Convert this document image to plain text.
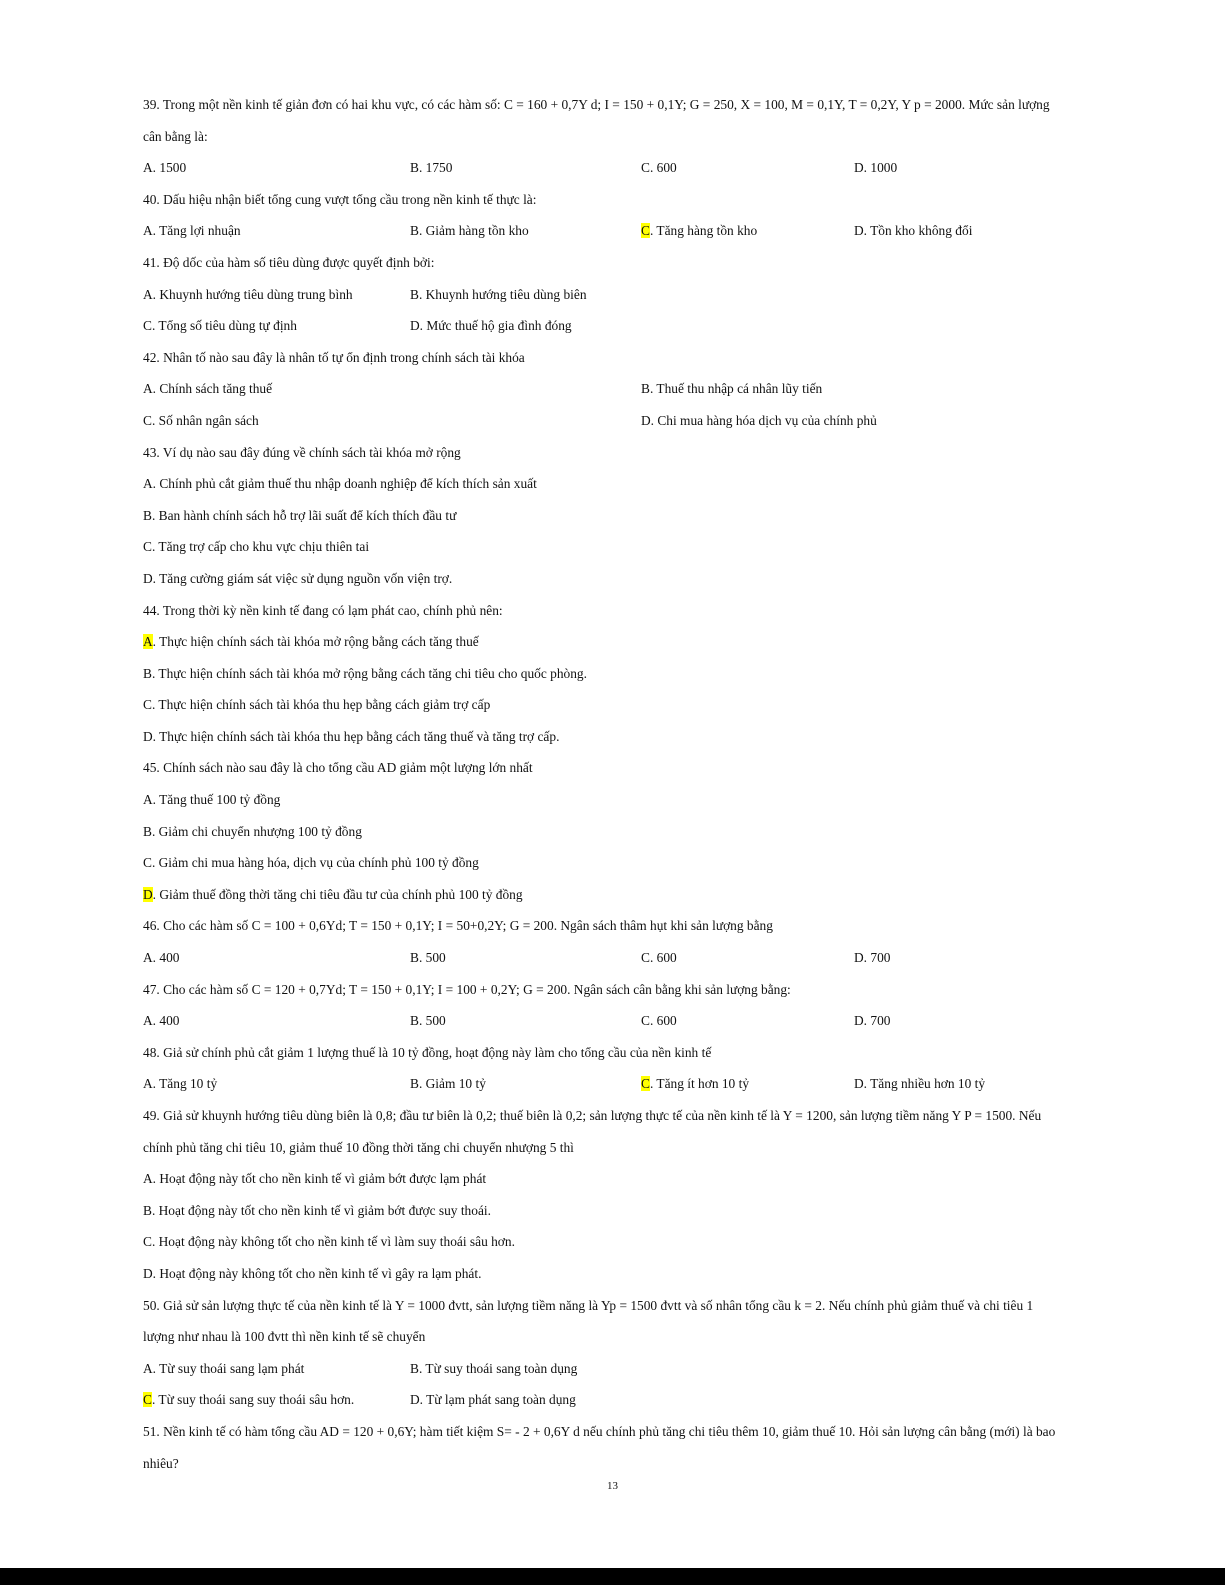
39. Trong một nền kinh tế giản đơn có hai khu vực, có các hàm số: C = 160 + 0,7Y d; I = 150 + 0,1Y; G = 250, X = 100, M = 0,1Y, T = 0,2Y, Y p = 2000. Mức sản lượng
cân bằng là:
A. 1500	B. 1750	C. 600	D. 1000
40. Dấu hiệu nhận biết tổng cung vượt tổng cầu trong nền kinh tế thực là:
A. Tăng lợi nhuận	B. Giảm hàng tồn kho	C. Tăng hàng tồn kho	D. Tồn kho không đổi
41. Độ dốc của hàm số tiêu dùng được quyết định bởi:
A. Khuynh hướng tiêu dùng trung bình	B. Khuynh hướng tiêu dùng biên
C. Tổng số tiêu dùng tự định	D. Mức thuế hộ gia đình đóng
42. Nhân tố nào sau đây là nhân tố tự ổn định trong chính sách tài khóa
A. Chính sách tăng thuế	B. Thuế thu nhập cá nhân lũy tiến
C. Số nhân ngân sách	D. Chi mua hàng hóa dịch vụ của chính phủ
43. Ví dụ nào sau đây đúng về chính sách tài khóa mở rộng
A. Chính phủ cắt giảm thuế thu nhập doanh nghiệp để kích thích sản xuất
B. Ban hành chính sách hỗ trợ lãi suất để kích thích đầu tư
C. Tăng trợ cấp cho khu vực chịu thiên tai
D. Tăng cường giám sát việc sử dụng nguồn vốn viện trợ.
44. Trong thời kỳ nền kinh tế đang có lạm phát cao, chính phủ nên:
A. Thực hiện chính sách tài khóa mở rộng bằng cách tăng thuế
B. Thực hiện chính sách tài khóa mở rộng bằng cách tăng chi tiêu cho quốc phòng.
C. Thực hiện chính sách tài khóa thu hẹp bằng cách giảm trợ cấp
D. Thực hiện chính sách tài khóa thu hẹp bằng cách tăng thuế và tăng trợ cấp.
45. Chính sách nào sau đây là cho tổng cầu AD giảm một lượng lớn nhất
A. Tăng thuế 100 tỷ đồng
B. Giảm chi chuyển nhượng 100 tỷ đồng
C. Giảm chi mua hàng hóa, dịch vụ của chính phủ 100 tỷ đồng
D. Giảm thuế đồng thời tăng chi tiêu đầu tư của chính phủ 100 tỷ đồng
46. Cho các hàm số C = 100 + 0,6Yd; T = 150 + 0,1Y; I = 50+0,2Y; G = 200. Ngân sách thâm hụt khi sản lượng bằng
A. 400	B. 500	C. 600	D. 700
47. Cho các hàm số C = 120 + 0,7Yd; T = 150 + 0,1Y; I = 100 + 0,2Y; G = 200. Ngân sách cân bằng khi sản lượng bằng:
A. 400	B. 500	C. 600	D. 700
48. Giả sử chính phủ cắt giảm 1 lượng thuế là 10 tỷ đồng, hoạt động này làm cho tổng cầu của nền kinh tế
A. Tăng 10 tỷ	B. Giảm 10 tỷ	C. Tăng ít hơn 10 tỷ	D. Tăng nhiều hơn 10 tỷ
49. Giả sử khuynh hướng tiêu dùng biên là 0,8; đầu tư biên là 0,2; thuế biên là 0,2; sản lượng thực tế của nền kinh tế là Y = 1200, sản lượng tiềm năng Y P = 1500. Nếu
chính phủ tăng chi tiêu 10, giảm thuế 10 đồng thời tăng chi chuyển nhượng 5 thì
A. Hoạt động này tốt cho nền kinh tế vì giảm bớt được lạm phát
B. Hoạt động này tốt cho nền kinh tế vì giảm bớt được suy thoái.
C. Hoạt động này không tốt cho nền kinh tế vì làm suy thoái sâu hơn.
D. Hoạt động này không tốt cho nền kinh tế vì gây ra lạm phát.
50. Giả sử sản lượng thực tế của nền kinh tế là Y = 1000 đvtt, sản lượng tiềm năng là Yp = 1500 đvtt và số nhân tổng cầu k = 2. Nếu chính phủ giảm thuế và chi tiêu 1
lượng như nhau là 100 đvtt thì nền kinh tế sẽ chuyển
A. Từ suy thoái sang lạm phát	B. Từ suy thoái sang toàn dụng
C. Từ suy thoái sang suy thoái sâu hơn.	D. Từ lạm phát sang toàn dụng
51. Nền kinh tế có hàm tổng cầu AD = 120 + 0,6Y; hàm tiết kiệm S= - 2 + 0,6Y d nếu chính phủ tăng chi tiêu thêm 10, giảm thuế 10. Hỏi sản lượng cân bằng (mới) là bao
nhiêu?
13
